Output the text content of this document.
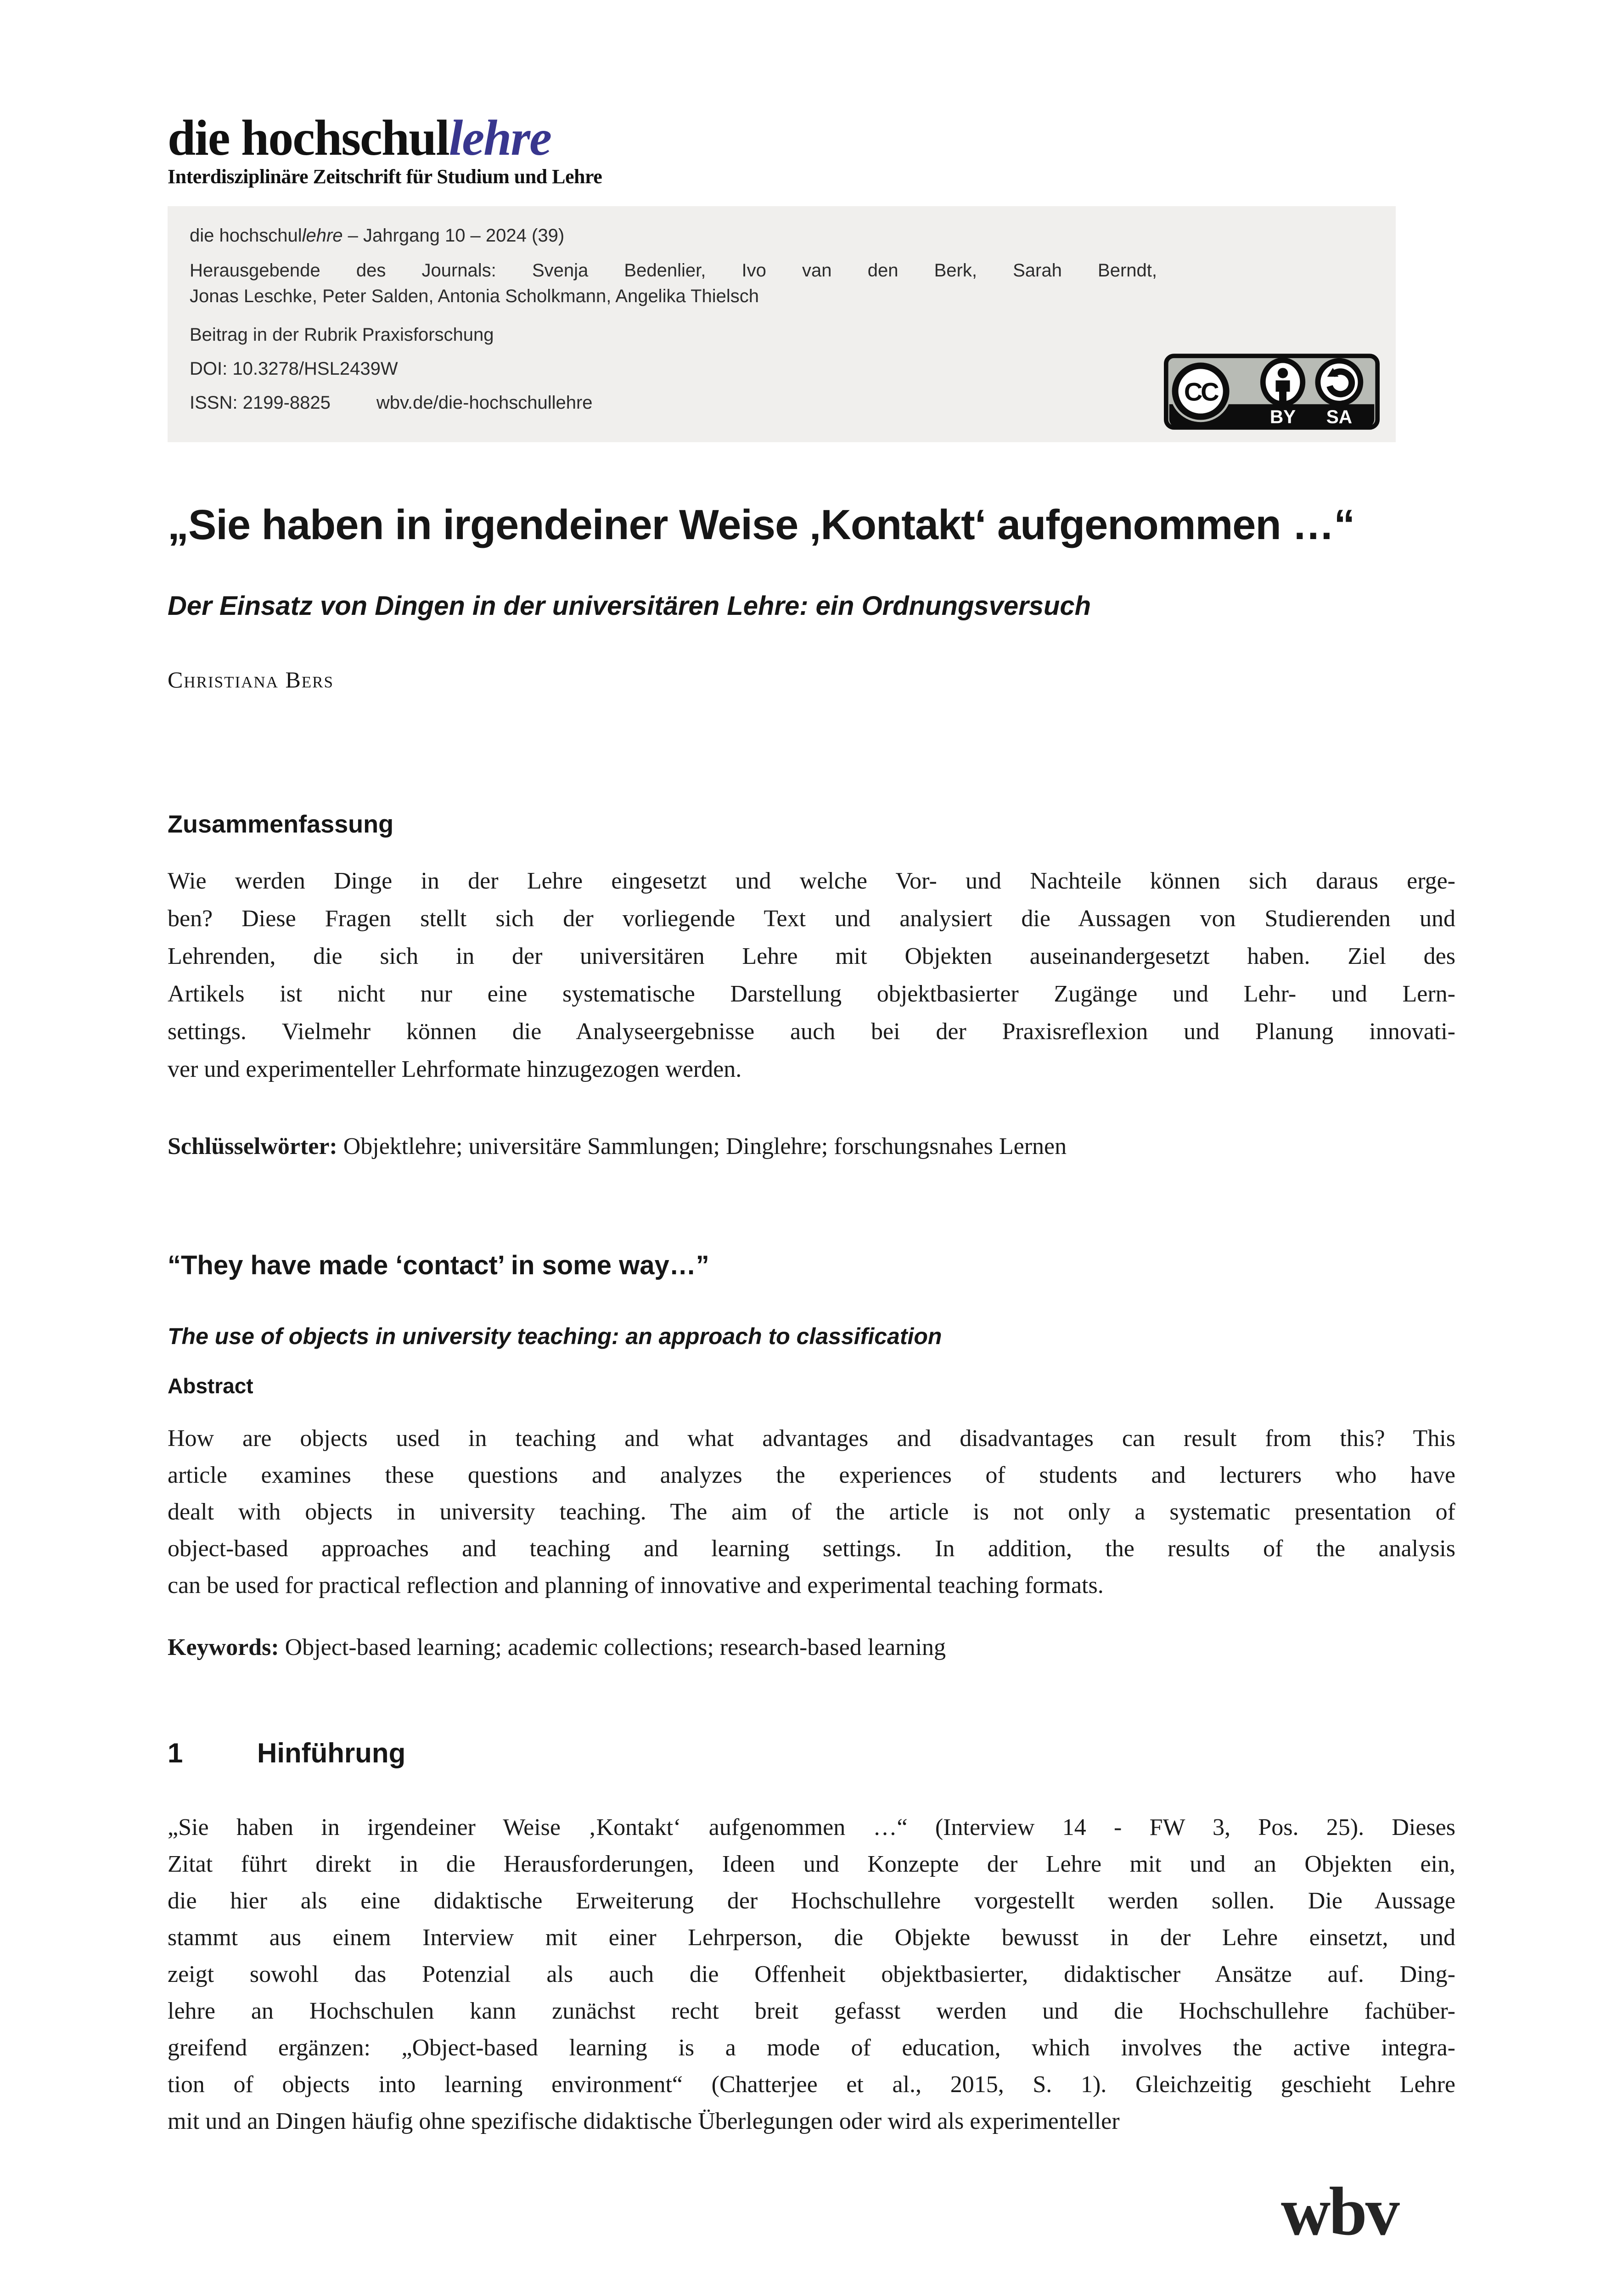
die hochschullehre
Interdisziplinäre Zeitschrift für Studium und Lehre
die hochschullehre – Jahrgang 10 – 2024 (39)
Herausgebende des Journals: Svenja Bedenlier, Ivo van den Berk, Sarah Berndt,
Jonas Leschke, Peter Salden, Antonia Scholkmann, Angelika Thielsch
Beitrag in der Rubrik Praxisforschung
DOI: 10.3278/HSL2439W
ISSN: 2199-8825	wbv.de/die-hochschullehre	CC
BY	SA
„Sie haben in irgendeiner Weise ‚Kontakt‘ aufgenommen …“
Der Einsatz von Dingen in der universitären Lehre: ein Ordnungsversuch
Christiana Bers
Zusammenfassung
Wie werden Dinge in der Lehre eingesetzt und welche Vor- und Nachteile können sich daraus erge-
ben? Diese Fragen stellt sich der vorliegende Text und analysiert die Aussagen von Studierenden und
Lehrenden, die sich in der universitären Lehre mit Objekten auseinandergesetzt haben. Ziel des
Artikels ist nicht nur eine systematische Darstellung objektbasierter Zugänge und Lehr- und Lern-
settings. Vielmehr können die Analyseergebnisse auch bei der Praxisreflexion und Planung innovati-
ver und experimenteller Lehrformate hinzugezogen werden.
Schlüsselwörter: Objektlehre; universitäre Sammlungen; Dinglehre; forschungsnahes Lernen
“They have made ‘contact’ in some way…”
The use of objects in university teaching: an approach to classification
Abstract
How are objects used in teaching and what advantages and disadvantages can result from this? This
article examines these questions and analyzes the experiences of students and lecturers who have
dealt with objects in university teaching. The aim of the article is not only a systematic presentation of
object-based approaches and teaching and learning settings. In addition, the results of the analysis
can be used for practical reflection and planning of innovative and experimental teaching formats.
Keywords: Object-based learning; academic collections; research-based learning
1	Hinführung
„Sie haben in irgendeiner Weise ‚Kontakt‘ aufgenommen …“ (Interview 14 - FW 3, Pos. 25). Dieses
Zitat führt direkt in die Herausforderungen, Ideen und Konzepte der Lehre mit und an Objekten ein,
die hier als eine didaktische Erweiterung der Hochschullehre vorgestellt werden sollen. Die Aussage
stammt aus einem Interview mit einer Lehrperson, die Objekte bewusst in der Lehre einsetzt, und
zeigt sowohl das Potenzial als auch die Offenheit objektbasierter, didaktischer Ansätze auf. Ding-
lehre an Hochschulen kann zunächst recht breit gefasst werden und die Hochschullehre fachüber-
greifend ergänzen: „Object-based learning is a mode of education, which involves the active integra-
tion of objects into learning environment“ (Chatterjee et al., 2015, S. 1). Gleichzeitig geschieht Lehre
mit und an Dingen häufig ohne spezifische didaktische Überlegungen oder wird als experimenteller
wbv
